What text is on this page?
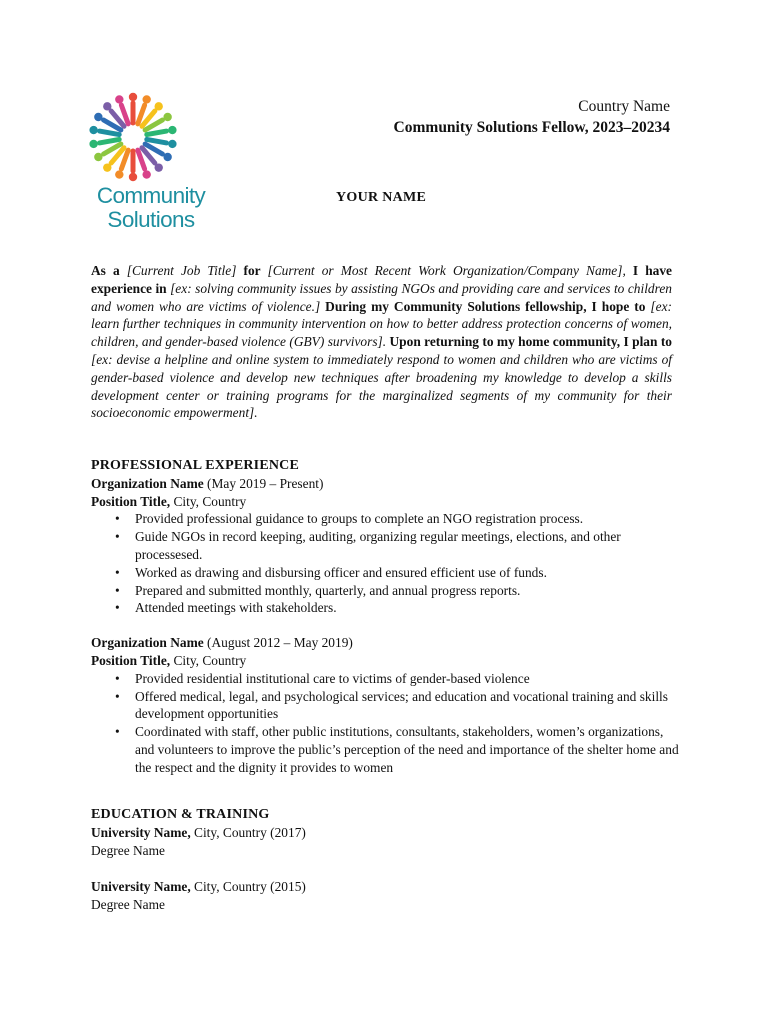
Community
Solutions
Country Name
Community Solutions Fellow, 2023–20234
YOUR NAME
As a [Current Job Title] for [Current or Most Recent Work Organization/Company Name], I have experience in [ex: solving community issues by assisting NGOs and providing care and services to children and women who are victims of violence.] During my Community Solutions fellowship, I hope to [ex: learn further techniques in community intervention on how to better address protection concerns of women, children, and gender-based violence (GBV) survivors]. Upon returning to my home community, I plan to [ex: devise a helpline and online system to immediately respond to women and children who are victims of gender-based violence and develop new techniques after broadening my knowledge to develop a skills development center or training programs for the marginalized segments of my community for their socioeconomic empowerment].
PROFESSIONAL EXPERIENCE
Organization Name (May 2019 – Present)
Position Title, City, Country
• Provided professional guidance to groups to complete an NGO registration process.
• Guide NGOs in record keeping, auditing, organizing regular meetings, elections, and other processesed.
• Worked as drawing and disbursing officer and ensured efficient use of funds.
• Prepared and submitted monthly, quarterly, and annual progress reports.
• Attended meetings with stakeholders.
Organization Name (August 2012 – May 2019)
Position Title, City, Country
• Provided residential institutional care to victims of gender-based violence
• Offered medical, legal, and psychological services; and education and vocational training and skills development opportunities
• Coordinated with staff, other public institutions, consultants, stakeholders, women’s organizations, and volunteers to improve the public’s perception of the need and importance of the shelter home and the respect and the dignity it provides to women
EDUCATION & TRAINING
University Name, City, Country (2017)
Degree Name
University Name, City, Country (2015)
Degree Name
